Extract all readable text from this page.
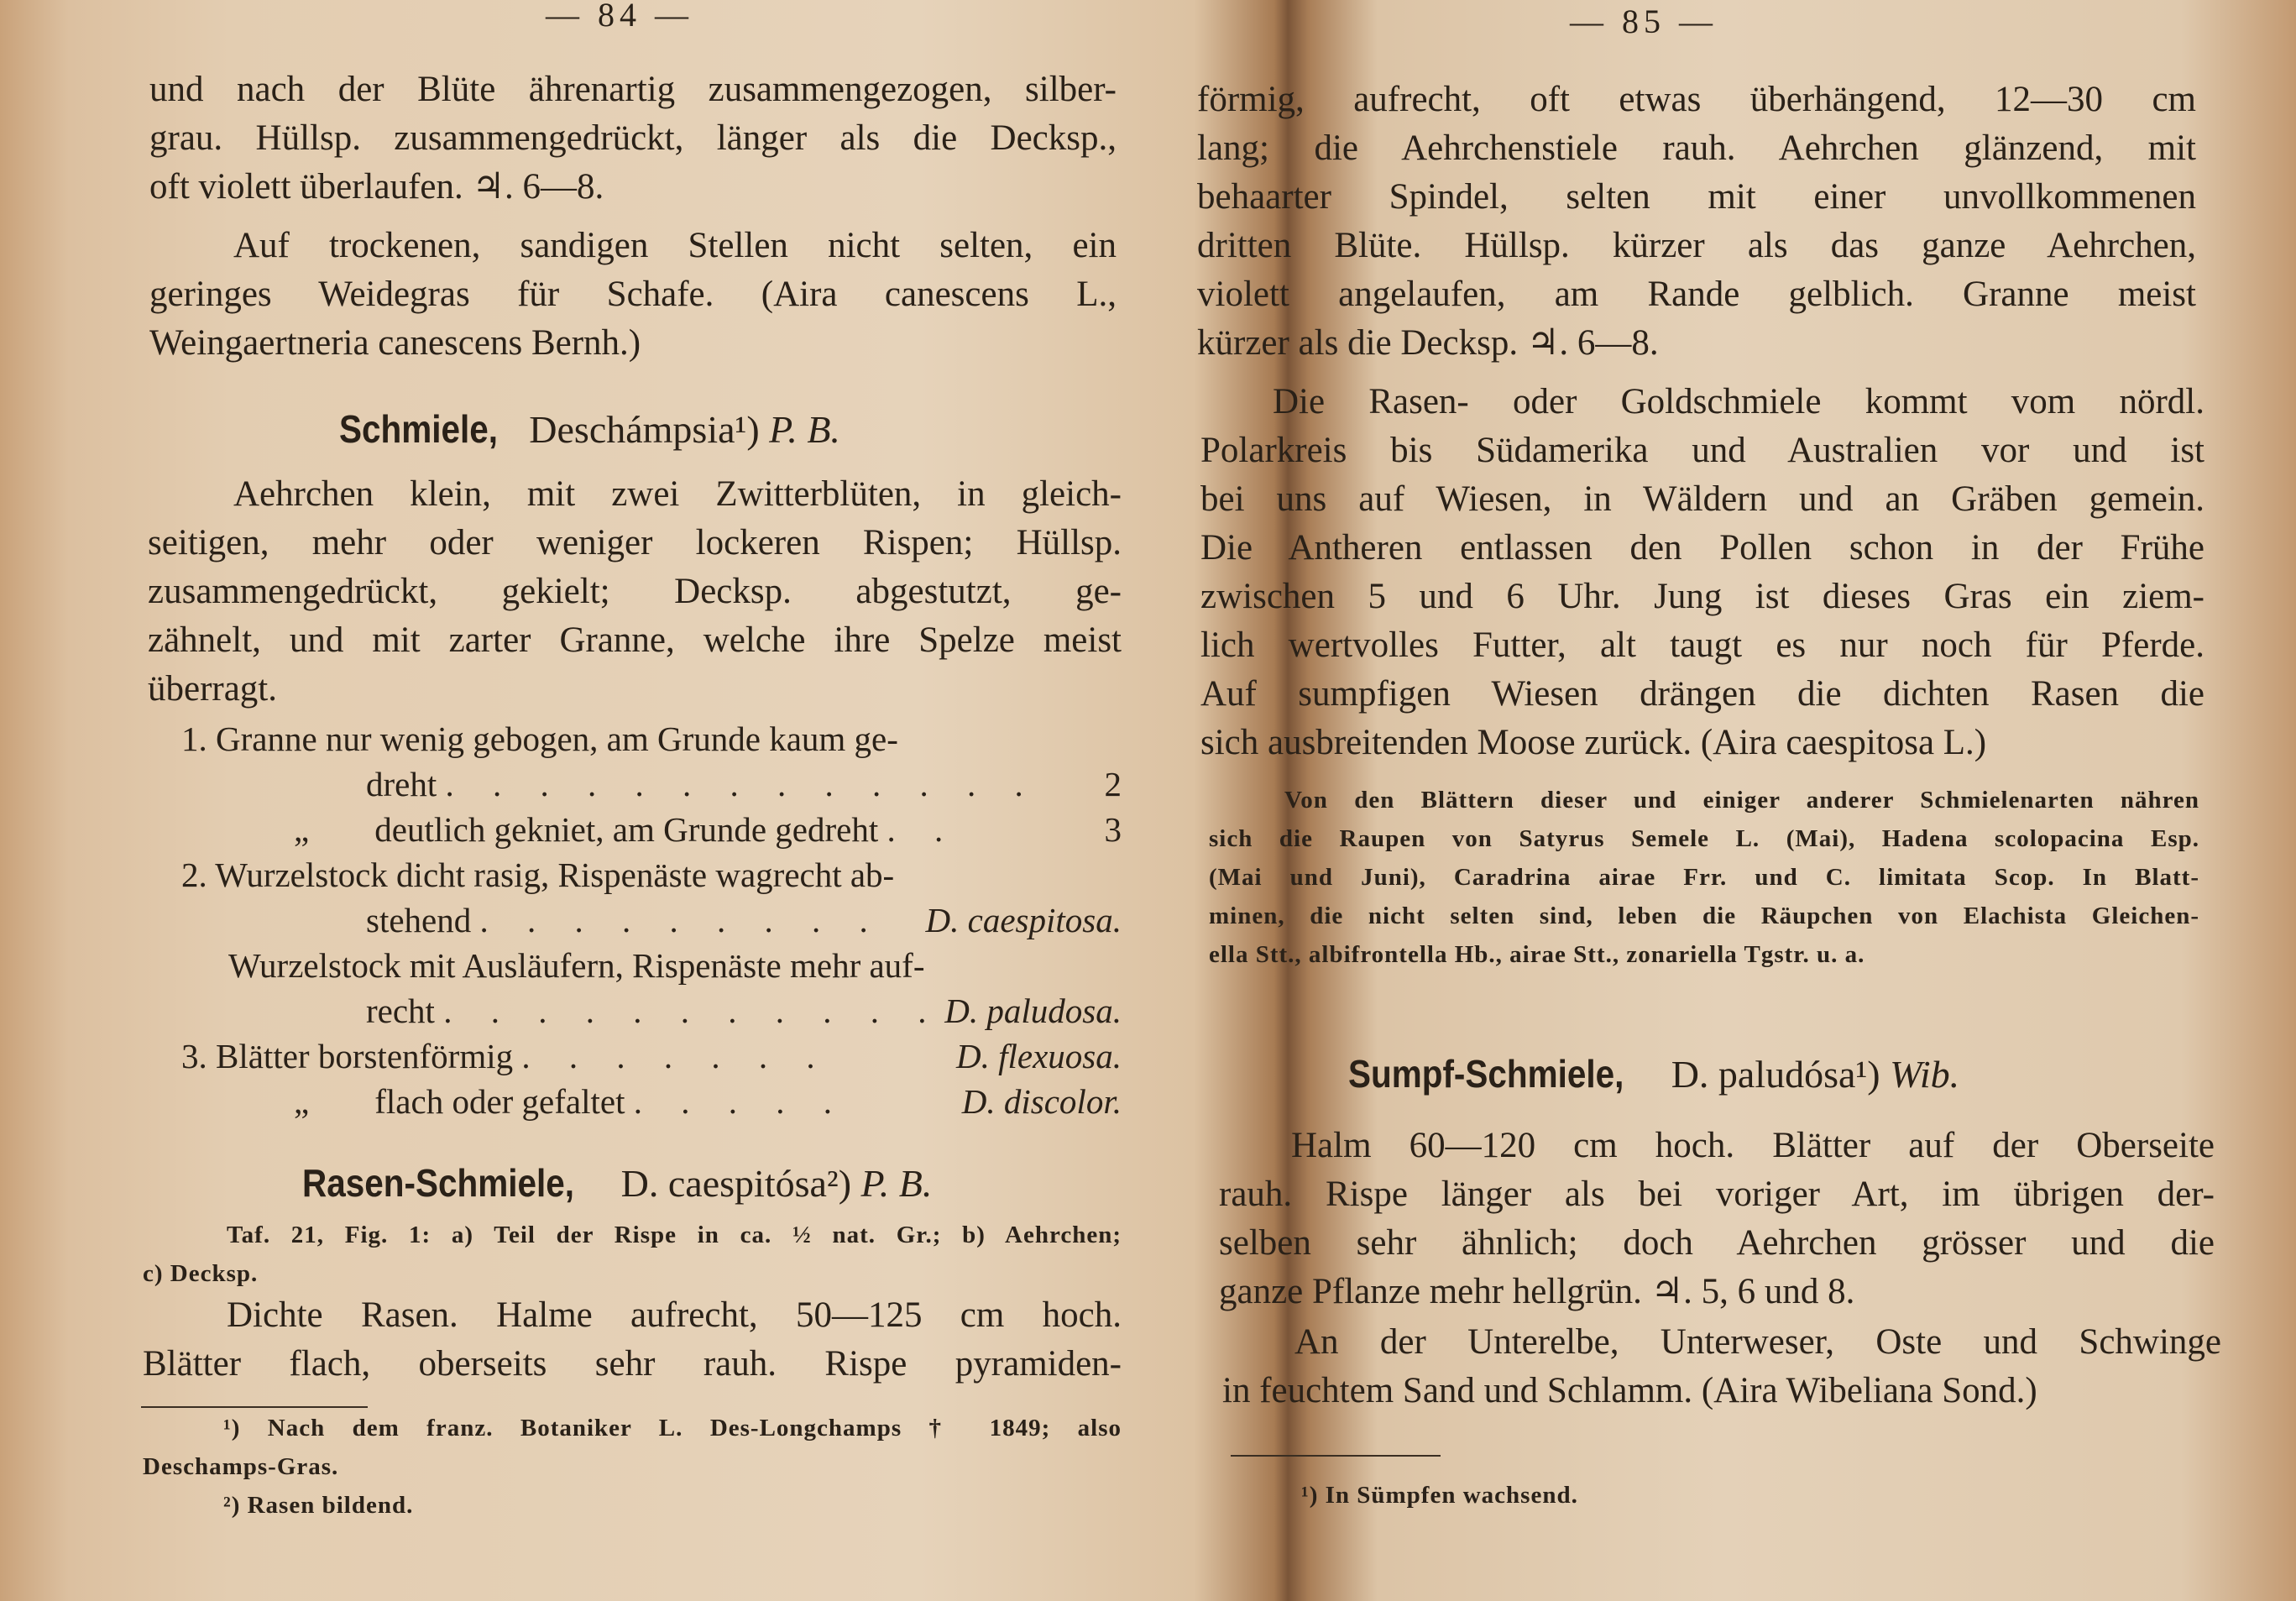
— 84 —
und nach der Blüte ährenartig zusammengezogen, silber-
grau. Hüllsp. zusammengedrückt, länger als die Decksp.,
oft violett überlaufen. ♃. 6—8.
Auf trockenen, sandigen Stellen nicht selten, ein
geringes Weidegras für Schafe. (Aira canescens L.,
Weingaertneria canescens Bernh.)
Schmiele, Deschámpsia¹) P. B.
Aehrchen klein, mit zwei Zwitterblüten, in gleich-
seitigen, mehr oder weniger lockeren Rispen; Hüllsp.
zusammengedrückt, gekielt; Decksp. abgestutzt, ge-
zähnelt, und mit zarter Granne, welche ihre Spelze meist
überragt.
1. Granne nur wenig gebogen, am Grunde kaum ge-
dreht . . . . . . . . . . . . . 2
„ deutlich gekniet, am Grunde gedreht . .	3
2. Wurzelstock dicht rasig, Rispenäste wagrecht ab-
stehend . . . . . . . . . D. caespitosa.
Wurzelstock mit Ausläufern, Rispenäste mehr auf-
recht . . . . . . . . . . . D. paludosa.
3. Blätter borstenförmig . . . . . . .	D. flexuosa.
„ flach oder gefaltet . . . . .	D. discolor.
Rasen-Schmiele, D. caespitósa²) P. B.
Taf. 21, Fig. 1: a) Teil der Rispe in ca. ½ nat. Gr.; b) Aehrchen;
c) Decksp.
Dichte Rasen. Halme aufrecht, 50—125 cm hoch.
Blätter flach, oberseits sehr rauh. Rispe pyramiden-
¹) Nach dem franz. Botaniker L. Des-Longchamps † 1849; also
Deschamps-Gras.
²) Rasen bildend.
— 85 —
förmig, aufrecht, oft etwas überhängend, 12—30 cm
lang; die Aehrchenstiele rauh. Aehrchen glänzend, mit
behaarter Spindel, selten mit einer unvollkommenen
dritten Blüte. Hüllsp. kürzer als das ganze Aehrchen,
violett angelaufen, am Rande gelblich. Granne meist
kürzer als die Decksp. ♃. 6—8.
Die Rasen- oder Goldschmiele kommt vom nördl.
Polarkreis bis Südamerika und Australien vor und ist
bei uns auf Wiesen, in Wäldern und an Gräben gemein.
Die Antheren entlassen den Pollen schon in der Frühe
zwischen 5 und 6 Uhr. Jung ist dieses Gras ein ziem-
lich wertvolles Futter, alt taugt es nur noch für Pferde.
Auf sumpfigen Wiesen drängen die dichten Rasen die
sich ausbreitenden Moose zurück. (Aira caespitosa L.)
Von den Blättern dieser und einiger anderer Schmielenarten nähren
sich die Raupen von Satyrus Semele L. (Mai), Hadena scolopacina Esp.
(Mai und Juni), Caradrina airae Frr. und C. limitata Scop. In Blatt-
minen, die nicht selten sind, leben die Räupchen von Elachista Gleichen-
ella Stt., albifrontella Hb., airae Stt., zonariella Tgstr. u. a.
Sumpf-Schmiele, D. paludósa¹) Wib.
Halm 60—120 cm hoch. Blätter auf der Oberseite
rauh. Rispe länger als bei voriger Art, im übrigen der-
selben sehr ähnlich; doch Aehrchen grösser und die
ganze Pflanze mehr hellgrün. ♃. 5, 6 und 8.
An der Unterelbe, Unterweser, Oste und Schwinge
in feuchtem Sand und Schlamm. (Aira Wibeliana Sond.)
¹) In Sümpfen wachsend.
